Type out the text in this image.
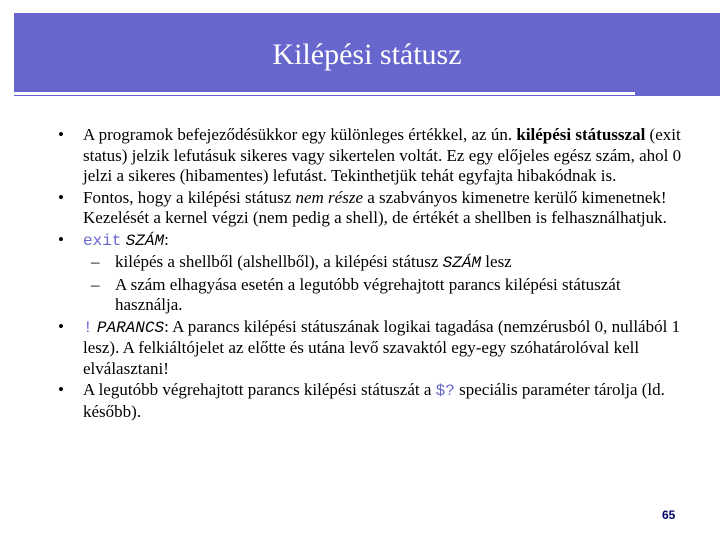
Kilépési státusz
• A programok befejeződésükkor egy különleges értékkel, az ún. kilépési státusszal (exit status) jelzik lefutásuk sikeres vagy sikertelen voltát. Ez egy előjeles egész szám, ahol 0 jelzi a sikeres (hibamentes) lefutást. Tekinthetjük tehát egyfajta hibakódnak is.
• Fontos, hogy a kilépési státusz nem része a szabványos kimenetre kerülő kimenetnek! Kezelését a kernel végzi (nem pedig a shell), de értékét a shellben is felhasználhatjuk.
• exit SZÁM:
– kilépés a shellből (alshellből), a kilépési státusz SZÁM lesz
– A szám elhagyása esetén a legutóbb végrehajtott parancs kilépési státuszát használja.
• ! PARANCS: A parancs kilépési státuszának logikai tagadása (nemzérusból 0, nullából 1 lesz). A felkiáltójelet az előtte és utána levő szavaktól egy-egy szóhatárolóval kell elválasztani!
• A legutóbb végrehajtott parancs kilépési státuszát a $? speciális paraméter tárolja (ld. később).
65
